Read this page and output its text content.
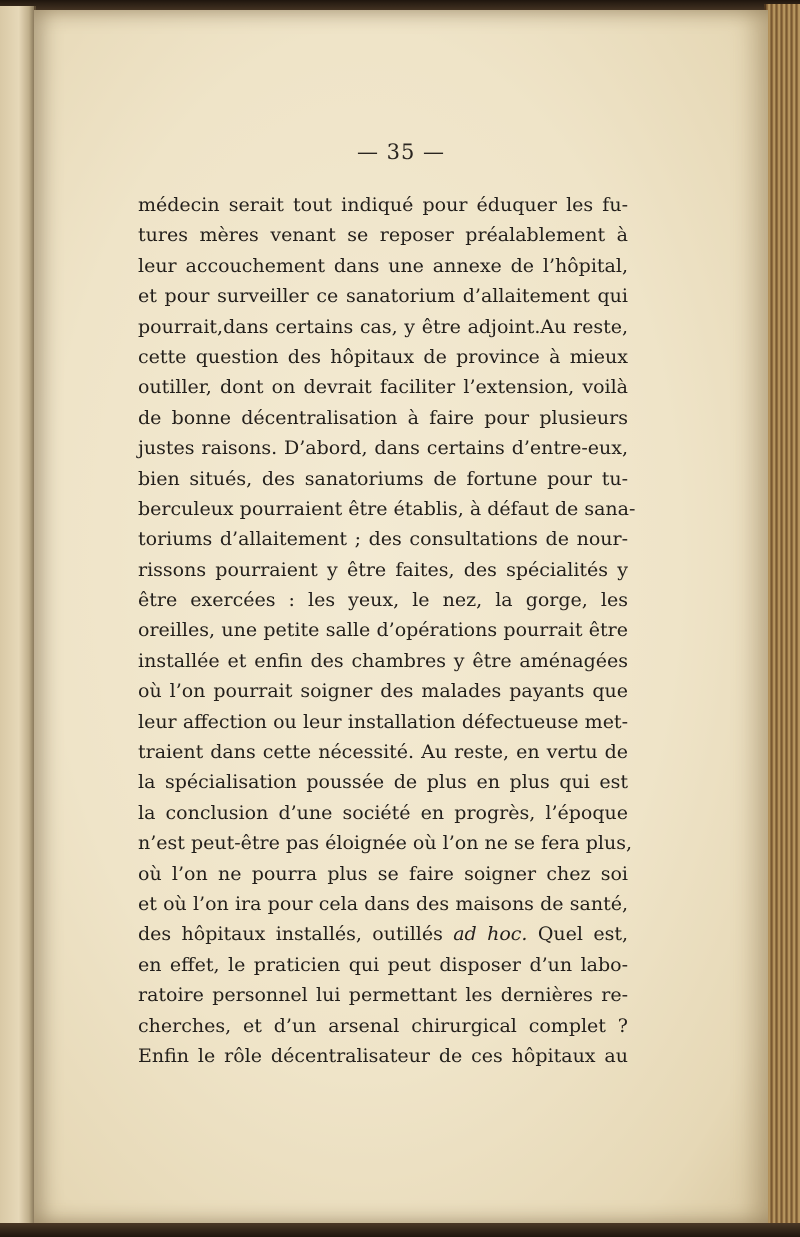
— 35 —
médecin serait tout indiqué pour éduquer les fu-
tures mères venant se reposer préalablement à
leur accouchement dans une annexe de l’hôpital,
et pour surveiller ce sanatorium d’allaitement qui
pourrait,dans certains cas, y être adjoint.Au reste,
cette question des hôpitaux de province à mieux
outiller, dont on devrait faciliter l’extension, voilà
de bonne décentralisation à faire pour plusieurs
justes raisons. D’abord, dans certains d’entre-eux,
bien situés, des sanatoriums de fortune pour tu-
berculeux pourraient être établis, à défaut de sana-
toriums d’allaitement ; des consultations de nour-
rissons pourraient y être faites, des spécialités y
être exercées : les yeux, le nez, la gorge, les
oreilles, une petite salle d’opérations pourrait être
installée et enfin des chambres y être aménagées
où l’on pourrait soigner des malades payants que
leur affection ou leur installation défectueuse met-
traient dans cette nécessité. Au reste, en vertu de
la spécialisation poussée de plus en plus qui est
la conclusion d’une société en progrès, l’époque
n’est peut-être pas éloignée où l’on ne se fera plus,
où l’on ne pourra plus se faire soigner chez soi
et où l’on ira pour cela dans des maisons de santé,
des hôpitaux installés, outillés ad hoc. Quel est,
en effet, le praticien qui peut disposer d’un labo-
ratoire personnel lui permettant les dernières re-
cherches, et d’un arsenal chirurgical complet ?
Enfin le rôle décentralisateur de ces hôpitaux au
